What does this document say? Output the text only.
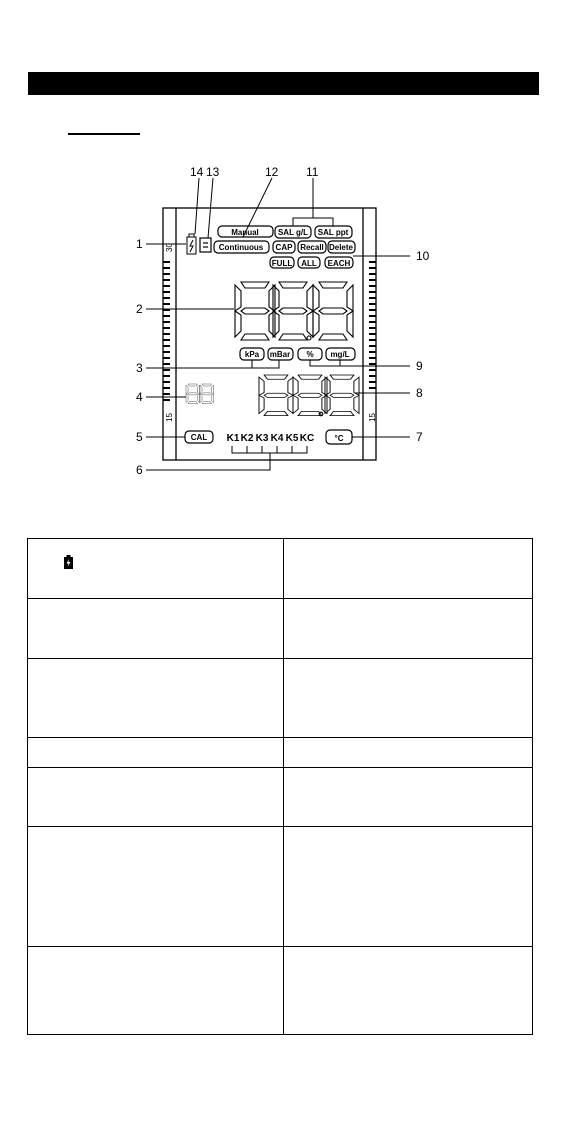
30
15	15
Manual
Continuous CAP Recall Delete
SAL g/L SAL ppt
FULL ALL EACH
kPa mBar % mg/L
CAL	°C
K1 K2 K3 K4 K5 KC
1
2
3
4
5
6
7
8
9
10
11
12
13
14
